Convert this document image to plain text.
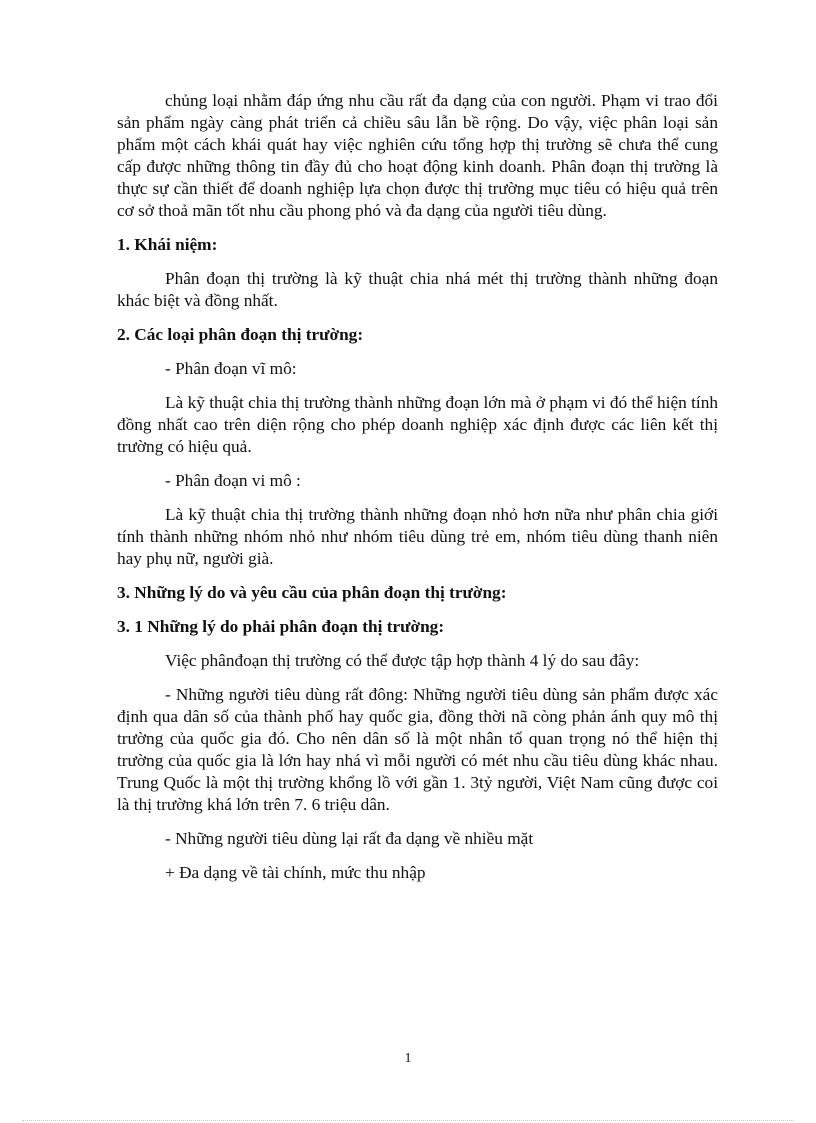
chủng loại nhằm đáp ứng nhu cầu rất đa dạng của con người. Phạm vi trao đổi sản phẩm ngày càng phát triển cả chiều sâu lẫn bề rộng. Do vậy, việc phân loại sản phẩm một cách khái quát hay việc nghiên cứu tổng hợp thị trường sẽ chưa thể cung cấp được những thông tin đầy đủ cho hoạt động kinh doanh. Phân đoạn thị trường là thực sự cần thiết để doanh nghiệp lựa chọn được thị trường mục tiêu có hiệu quả trên cơ sở thoả mãn tốt nhu cầu phong phó và đa dạng của người tiêu dùng.

1. Khái niệm:

Phân đoạn thị trường là kỹ thuật chia nhá mét thị trường thành những đoạn khác biệt và đồng nhất.

2. Các loại phân đoạn thị trường:

- Phân đoạn vĩ mô:

Là kỹ thuật chia thị trường thành những đoạn lớn mà ở phạm vi đó thể hiện tính đồng nhất cao trên diện rộng cho phép doanh nghiệp xác định được các liên kết thị trường có hiệu quả.

- Phân đoạn vi mô :

Là kỹ thuật chia thị trường thành những đoạn nhỏ hơn nữa như phân chia giới tính thành những nhóm nhỏ như nhóm tiêu dùng trẻ em, nhóm tiêu dùng thanh niên hay phụ nữ, người già.

3. Những lý do và yêu cầu của phân đoạn thị trường:

3. 1 Những lý do phải phân đoạn thị trường:

Việc phânđoạn thị trường có thể được tập hợp thành 4 lý do sau đây:

- Những người tiêu dùng rất đông: Những người tiêu dùng sản phẩm được xác định qua dân số của thành phố hay quốc gia, đồng thời nã còng phản ánh quy mô thị trường của quốc gia đó. Cho nên dân số là một nhân tố quan trọng nó thể hiện thị trường của quốc gia là lớn hay nhá vì mỗi người có mét nhu cầu tiêu dùng khác nhau. Trung Quốc là một thị trường khổng lồ với gần 1. 3tỷ người, Việt Nam cũng được coi là thị trường khá lớn trên 7. 6 triệu dân.

- Những người tiêu dùng lại rất đa dạng về nhiều mặt

+ Đa dạng về tài chính, mức thu nhập

1
